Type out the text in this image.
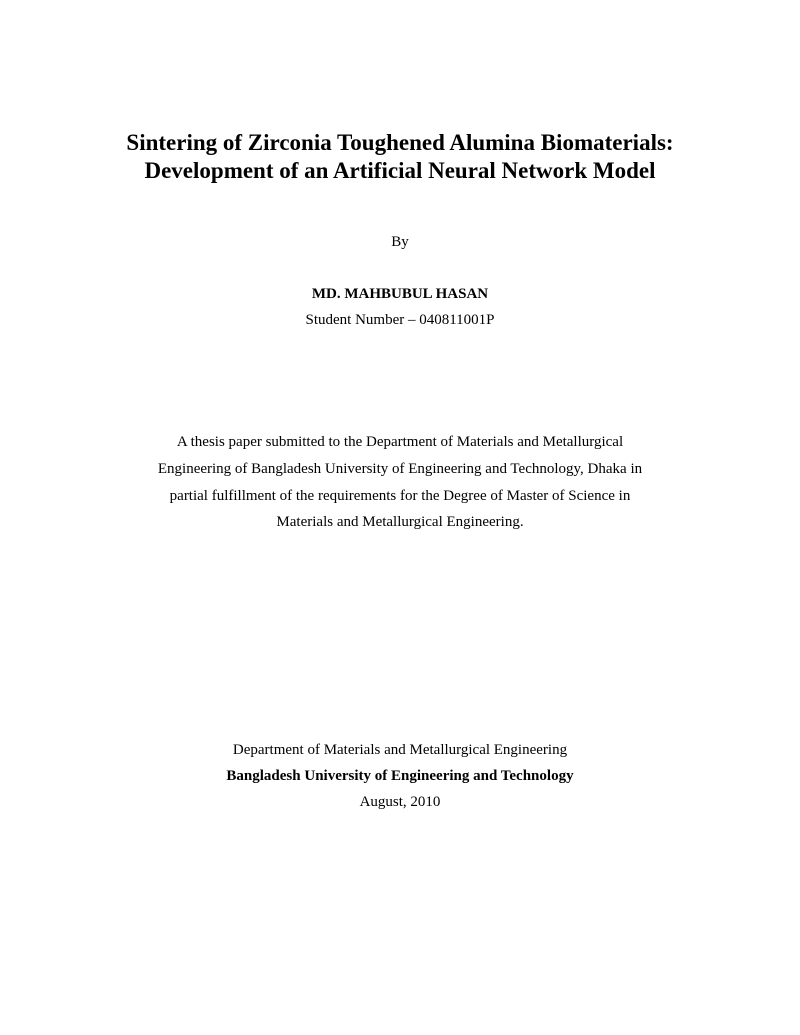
Sintering of Zirconia Toughened Alumina Biomaterials:
Development of an Artificial Neural Network Model
By
MD. MAHBUBUL HASAN
Student Number – 040811001P
A thesis paper submitted to the Department of Materials and Metallurgical
Engineering of Bangladesh University of Engineering and Technology, Dhaka in
partial fulfillment of the requirements for the Degree of Master of Science in
Materials and Metallurgical Engineering.
Department of Materials and Metallurgical Engineering
Bangladesh University of Engineering and Technology
August, 2010
